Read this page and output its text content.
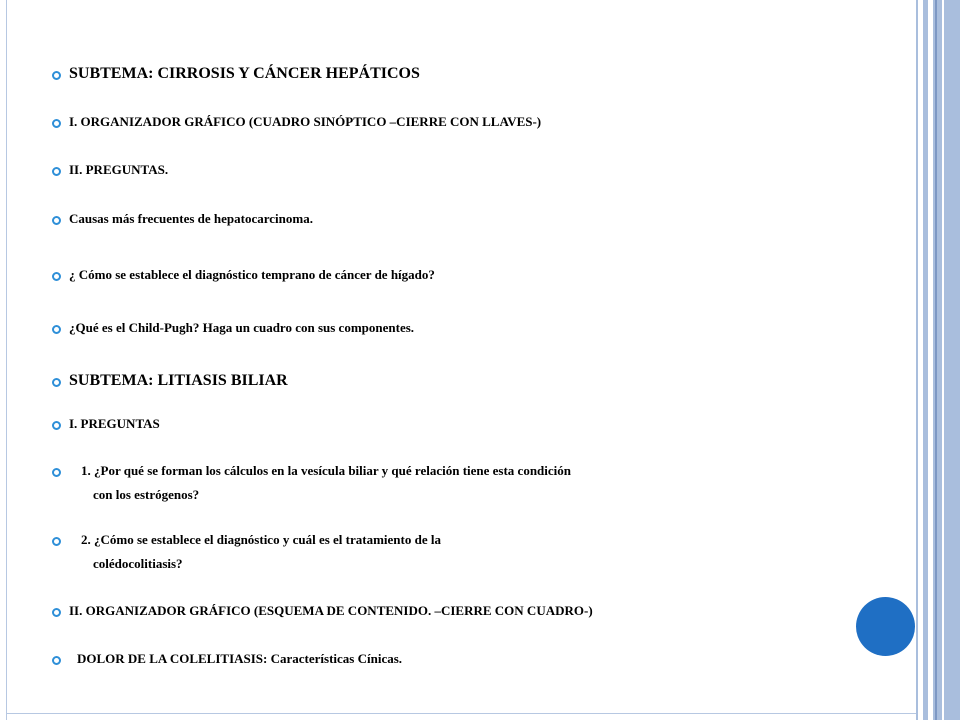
SUBTEMA: CIRROSIS Y CÁNCER HEPÁTICOS
I. ORGANIZADOR GRÁFICO (CUADRO SINÓPTICO –CIERRE CON LLAVES-)
II. PREGUNTAS.
Causas más frecuentes de hepatocarcinoma.
¿ Cómo se establece el diagnóstico temprano de cáncer de hígado?
¿Qué es el Child-Pugh? Haga un cuadro con sus componentes.
SUBTEMA: LITIASIS BILIAR
I. PREGUNTAS
1. ¿Por qué se forman los cálculos en la vesícula biliar y qué relación tiene esta condición
con los estrógenos?
2. ¿Cómo se establece el diagnóstico y cuál es el tratamiento de la
colédocolitiasis?
II. ORGANIZADOR GRÁFICO (ESQUEMA DE CONTENIDO. –CIERRE CON CUADRO-)
DOLOR DE LA COLELITIASIS: Características Cínicas.
